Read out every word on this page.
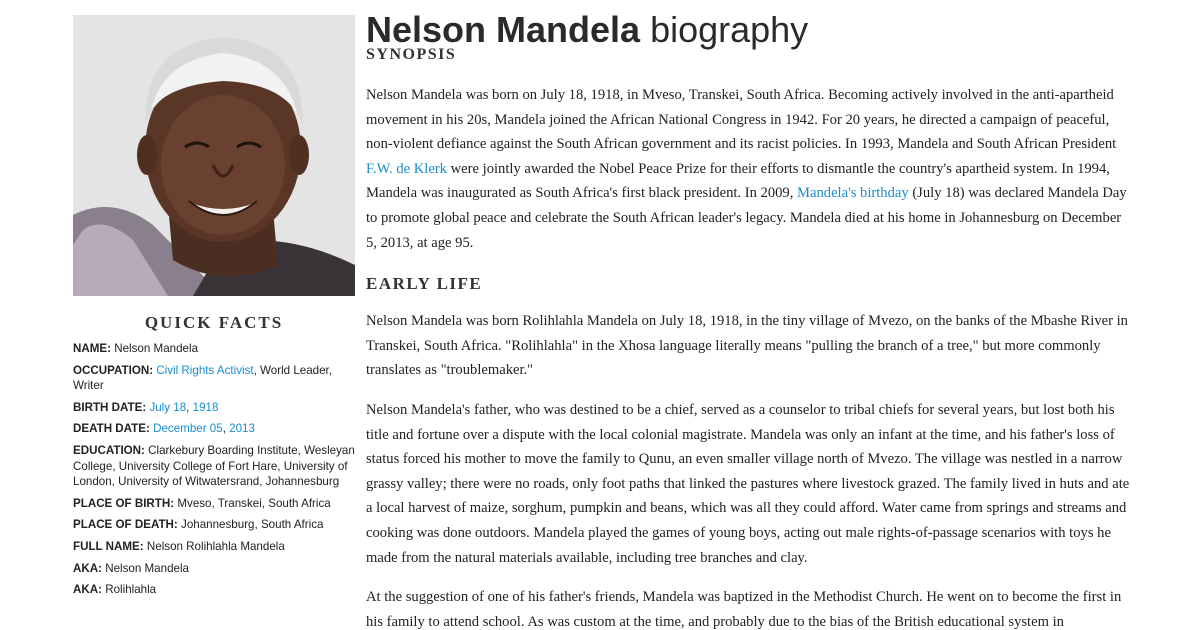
QUICK FACTS
NAME: Nelson Mandela
OCCUPATION: Civil Rights Activist, World Leader, Writer
BIRTH DATE: July 18, 1918
DEATH DATE: December 05, 2013
EDUCATION: Clarkebury Boarding Institute, Wesleyan College, University College of Fort Hare, University of London, University of Witwatersrand, Johannesburg
PLACE OF BIRTH: Mveso, Transkei, South Africa
PLACE OF DEATH: Johannesburg, South Africa
FULL NAME: Nelson Rolihlahla Mandela
AKA: Nelson Mandela
AKA: Rolihlahla
Nelson Mandela biography
SYNOPSIS

Nelson Mandela was born on July 18, 1918, in Mveso, Transkei, South Africa. Becoming actively involved in the anti-apartheid movement in his 20s, Mandela joined the African National Congress in 1942. For 20 years, he directed a campaign of peaceful, non-violent defiance against the South African government and its racist policies. In 1993, Mandela and South African President F.W. de Klerk were jointly awarded the Nobel Peace Prize for their efforts to dismantle the country's apartheid system. In 1994, Mandela was inaugurated as South Africa's first black president. In 2009, Mandela's birthday (July 18) was declared Mandela Day to promote global peace and celebrate the South African leader's legacy. Mandela died at his home in Johannesburg on December 5, 2013, at age 95.

EARLY LIFE

Nelson Mandela was born Rolihlahla Mandela on July 18, 1918, in the tiny village of Mvezo, on the banks of the Mbashe River in Transkei, South Africa. "Rolihlahla" in the Xhosa language literally means "pulling the branch of a tree," but more commonly translates as "troublemaker."

Nelson Mandela's father, who was destined to be a chief, served as a counselor to tribal chiefs for several years, but lost both his title and fortune over a dispute with the local colonial magistrate. Mandela was only an infant at the time, and his father's loss of status forced his mother to move the family to Qunu, an even smaller village north of Mvezo. The village was nestled in a narrow grassy valley; there were no roads, only foot paths that linked the pastures where livestock grazed. The family lived in huts and ate a local harvest of maize, sorghum, pumpkin and beans, which was all they could afford. Water came from springs and streams and cooking was done outdoors. Mandela played the games of young boys, acting out male rights-of-passage scenarios with toys he made from the natural materials available, including tree branches and clay.

At the suggestion of one of his father's friends, Mandela was baptized in the Methodist Church. He went on to become the first in his family to attend school. As was custom at the time, and probably due to the bias of the British educational system in
